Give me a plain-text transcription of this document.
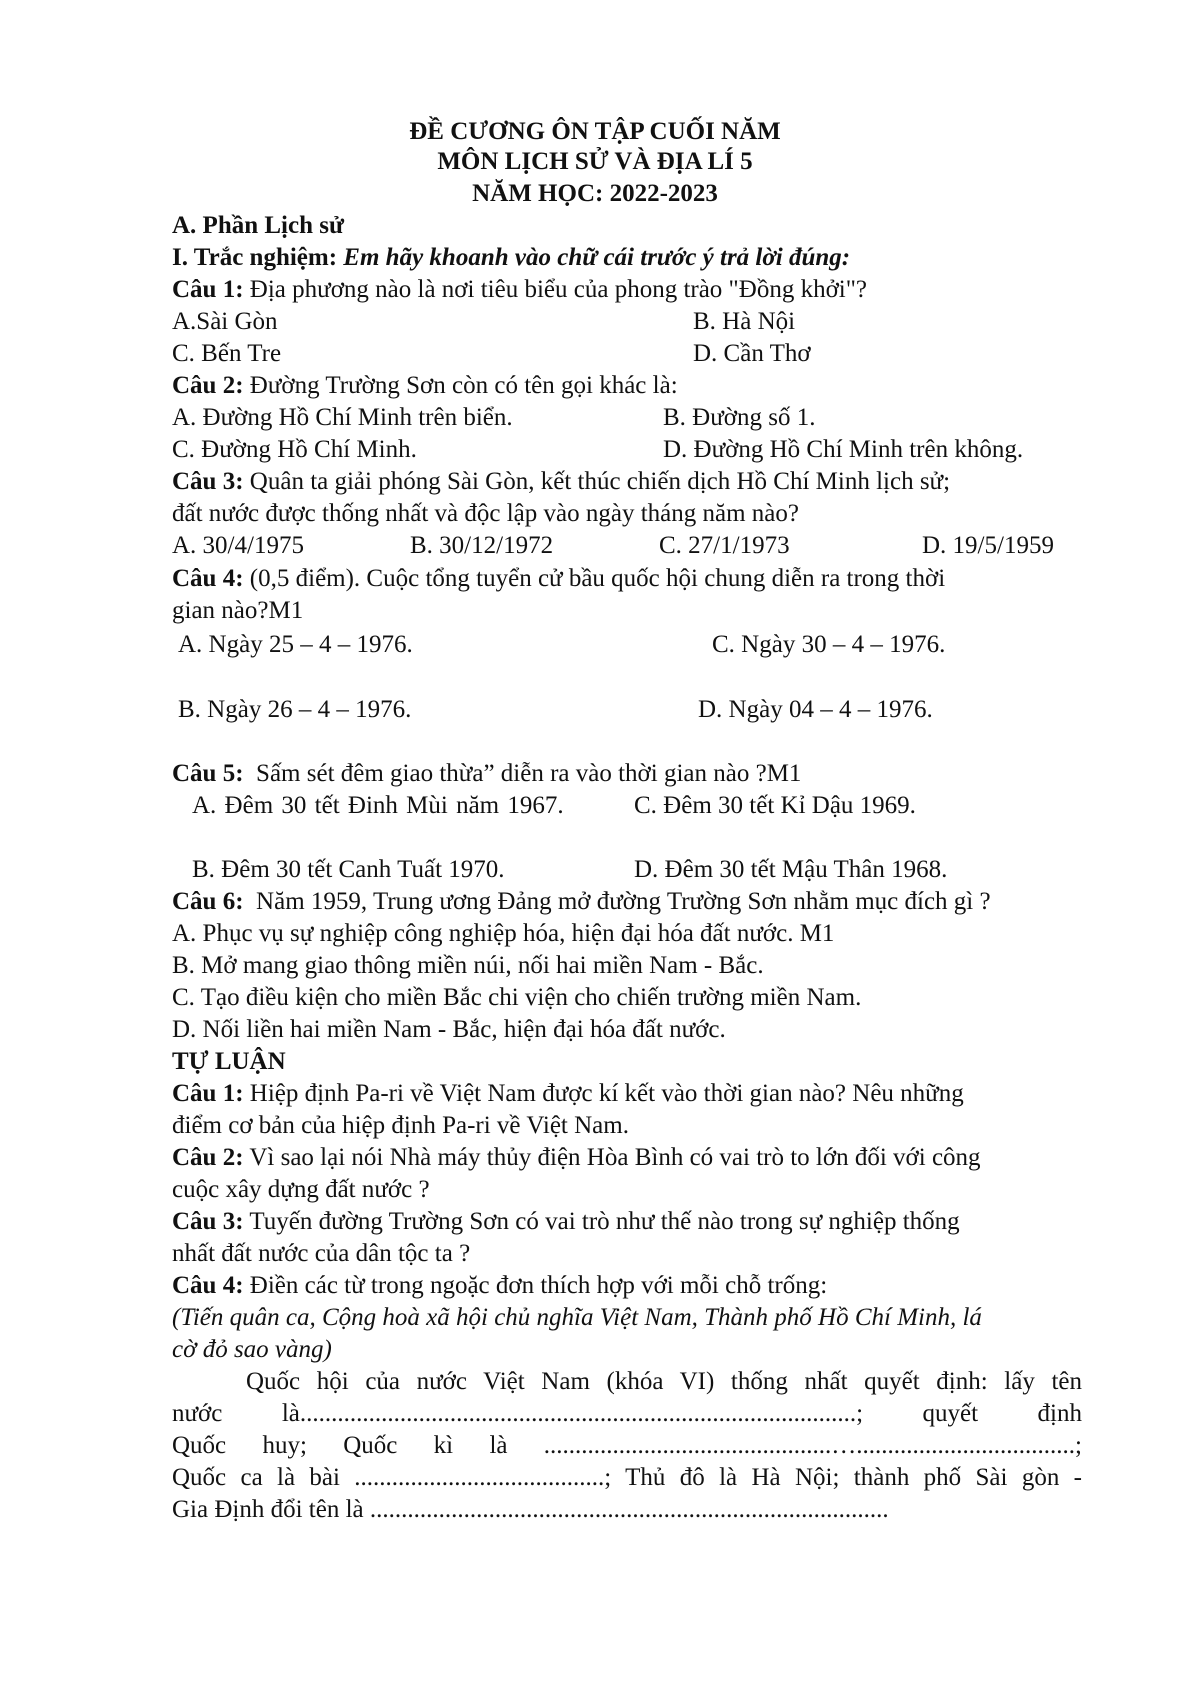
ĐỀ CƯƠNG ÔN TẬP CUỐI NĂM
MÔN LỊCH SỬ VÀ ĐỊA LÍ 5
NĂM HỌC: 2022-2023
A. Phần Lịch sử
I. Trắc nghiệm: Em hãy khoanh vào chữ cái trước ý trả lời đúng:
Câu 1: Địa phương nào là nơi tiêu biểu của phong trào "Đồng khởi"?
A.Sài Gòn	B. Hà Nội
C. Bến Tre	D. Cần Thơ
Câu 2: Đường Trường Sơn còn có tên gọi khác là:
A. Đường Hồ Chí Minh trên biển.	B. Đường số 1.
C. Đường Hồ Chí Minh.	D. Đường Hồ Chí Minh trên không.
Câu 3: Quân ta giải phóng Sài Gòn, kết thúc chiến dịch Hồ Chí Minh lịch sử;
đất nước được thống nhất và độc lập vào ngày tháng năm nào?
A. 30/4/1975	B. 30/12/1972	C. 27/1/1973	D. 19/5/1959
Câu 4: (0,5 điểm). Cuộc tổng tuyển cử bầu quốc hội chung diễn ra trong thời
gian nào?M1
A. Ngày 25 – 4 – 1976.	C. Ngày 30 – 4 – 1976.
B. Ngày 26 – 4 – 1976.	D. Ngày 04 – 4 – 1976.
Câu 5: Sấm sét đêm giao thừa” diễn ra vào thời gian nào ?M1
A. Đêm 30 tết Đinh Mùi năm 1967.	C. Đêm 30 tết Kỉ Dậu 1969.
B. Đêm 30 tết Canh Tuất 1970.	D. Đêm 30 tết Mậu Thân 1968.
Câu 6: Năm 1959, Trung ương Đảng mở đường Trường Sơn nhằm mục đích gì ?
A. Phục vụ sự nghiệp công nghiệp hóa, hiện đại hóa đất nước. M1
B. Mở mang giao thông miền núi, nối hai miền Nam - Bắc.
C. Tạo điều kiện cho miền Bắc chi viện cho chiến trường miền Nam.
D. Nối liền hai miền Nam - Bắc, hiện đại hóa đất nước.
TỰ LUẬN
Câu 1: Hiệp định Pa-ri về Việt Nam được kí kết vào thời gian nào? Nêu những
điểm cơ bản của hiệp định Pa-ri về Việt Nam.
Câu 2: Vì sao lại nói Nhà máy thủy điện Hòa Bình có vai trò to lớn đối với công
cuộc xây dựng đất nước ?
Câu 3: Tuyến đường Trường Sơn có vai trò như thế nào trong sự nghiệp thống
nhất đất nước của dân tộc ta ?
Câu 4: Điền các từ trong ngoặc đơn thích hợp với mỗi chỗ trống:
(Tiến quân ca, Cộng hoà xã hội chủ nghĩa Việt Nam, Thành phố Hồ Chí Minh, lá
cờ đỏ sao vàng)
Quốc hội của nước Việt Nam (khóa VI) thống nhất quyết định: lấy tên
nước là.........................................................................................; quyết định
Quốc huy; Quốc kì là ..............................................…...................................;
Quốc ca là bài ........................................; Thủ đô là Hà Nội; thành phố Sài gòn -
Gia Định đổi tên là ...................................................................................
